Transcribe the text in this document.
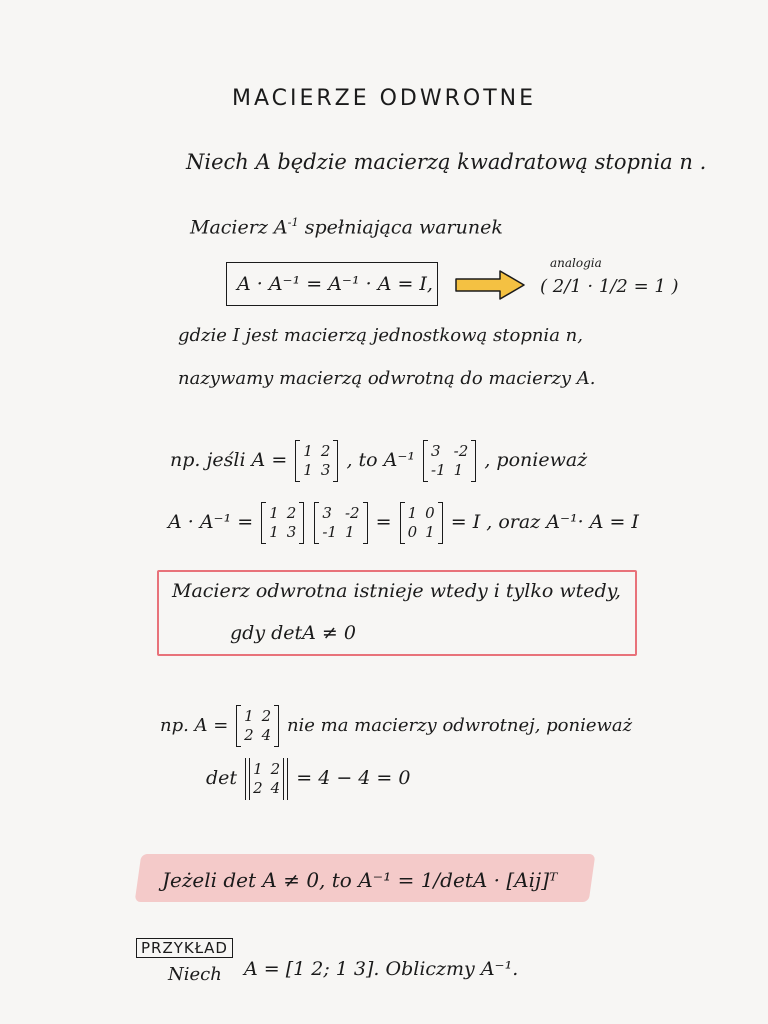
MACIERZE ODWROTNE
Niech A będzie macierzą kwadratową stopnia n .
Macierz $A^{-1}$ spełniająca warunek
A · A⁻¹ = A⁻¹ · A = I,
analogia
( 2/1 · 1/2 = 1 )
gdzie I jest macierzą jednostkową stopnia n,
nazywamy macierzą odwrotną do macierzy A.
np. jeśli A = 1 2
1 3 , to A⁻¹ 3 -2
-1 1 , ponieważ
A · A⁻¹ = 1 2
1 3

3 -2
-1 1 = 1 0
0 1 = I , oraz A⁻¹· A = I
Macierz odwrotna istnieje wtedy i tylko wtedy,
gdy detA ≠ 0
np. A = 1 2
2 4 nie ma macierzy odwrotnej, ponieważ
det 1 2
2 4 = 4 − 4 = 0
Jeżeli det A ≠ 0, to A⁻¹ = 1/detA · [Aij]ᵀ
PRZYKŁAD
Niech A = [1 2; 1 3]. Obliczmy A⁻¹.
